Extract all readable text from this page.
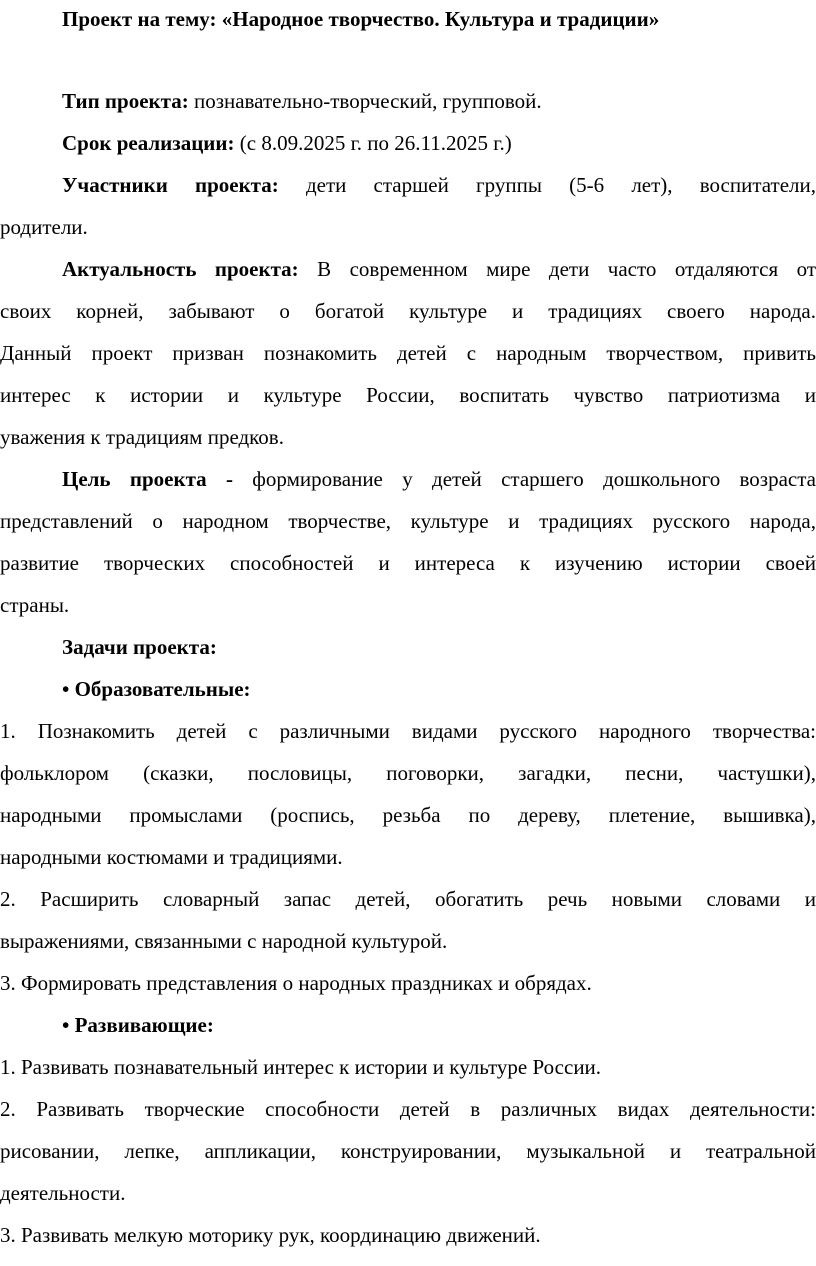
Проект на тему: «Народное творчество. Культура и традиции»
Тип проекта: познавательно-творческий, групповой.
Срок реализации: (с 8.09.2025 г. по 26.11.2025 г.)
Участники проекта: дети старшей группы (5-6 лет), воспитатели,
родители.
Актуальность проекта: В современном мире дети часто отдаляются от
своих корней, забывают о богатой культуре и традициях своего народа.
Данный проект призван познакомить детей с народным творчеством, привить
интерес к истории и культуре России, воспитать чувство патриотизма и
уважения к традициям предков.
Цель проекта - формирование у детей старшего дошкольного возраста
представлений о народном творчестве, культуре и традициях русского народа,
развитие творческих способностей и интереса к изучению истории своей
страны.
Задачи проекта:
• Образовательные:
1. Познакомить детей с различными видами русского народного творчества:
фольклором (сказки, пословицы, поговорки, загадки, песни, частушки),
народными промыслами (роспись, резьба по дереву, плетение, вышивка),
народными костюмами и традициями.
2. Расширить словарный запас детей, обогатить речь новыми словами и
выражениями, связанными с народной культурой.
3. Формировать представления о народных праздниках и обрядах.
• Развивающие:
1. Развивать познавательный интерес к истории и культуре России.
2. Развивать творческие способности детей в различных видах деятельности:
рисовании, лепке, аппликации, конструировании, музыкальной и театральной
деятельности.
3. Развивать мелкую моторику рук, координацию движений.
